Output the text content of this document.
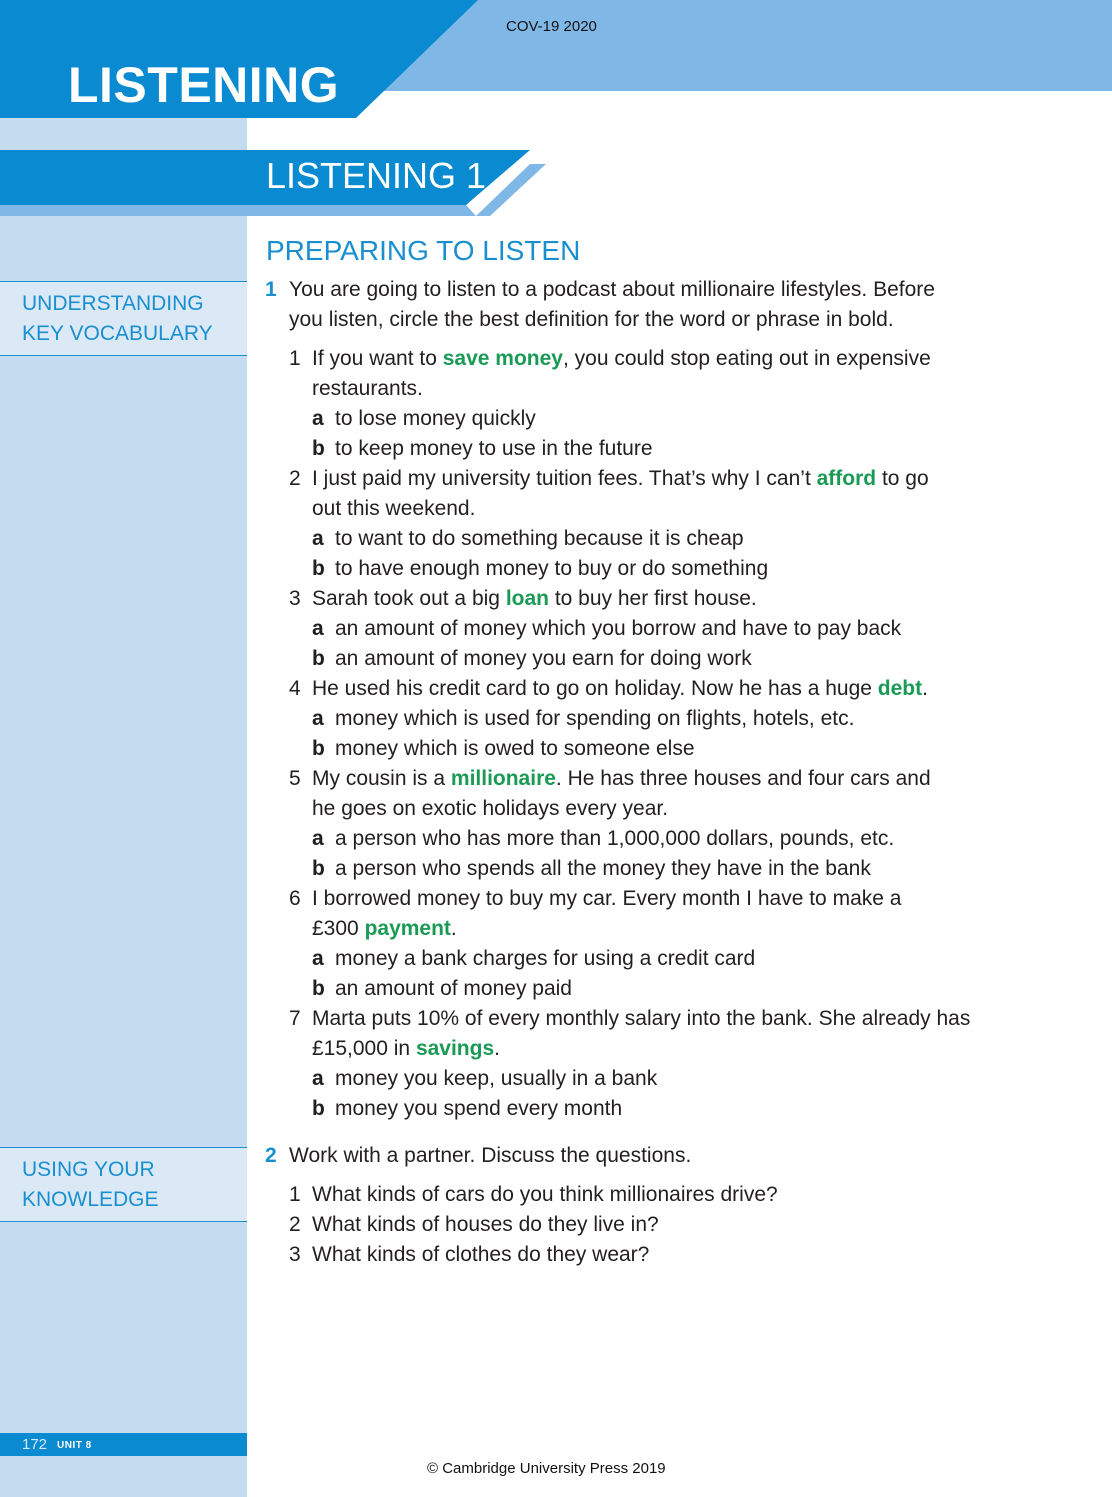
COV-19 2020
LISTENING
LISTENING 1
PREPARING TO LISTEN
UNDERSTANDING
KEY VOCABULARY
USING YOUR
KNOWLEDGE
1 You are going to listen to a podcast about millionaire lifestyles. Before
you listen, circle the best definition for the word or phrase in bold.
1 If you want to save money, you could stop eating out in expensive
restaurants.
a to lose money quickly
b to keep money to use in the future
2 I just paid my university tuition fees. That’s why I can’t afford to go
out this weekend.
a to want to do something because it is cheap
b to have enough money to buy or do something
3 Sarah took out a big loan to buy her first house.
a an amount of money which you borrow and have to pay back
b an amount of money you earn for doing work
4 He used his credit card to go on holiday. Now he has a huge debt.
a money which is used for spending on flights, hotels, etc.
b money which is owed to someone else
5 My cousin is a millionaire. He has three houses and four cars and
he goes on exotic holidays every year.
a a person who has more than 1,000,000 dollars, pounds, etc.
b a person who spends all the money they have in the bank
6 I borrowed money to buy my car. Every month I have to make a
£300 payment.
a money a bank charges for using a credit card
b an amount of money paid
7 Marta puts 10% of every monthly salary into the bank. She already has
£15,000 in savings.
a money you keep, usually in a bank
b money you spend every month
2 Work with a partner. Discuss the questions.
1 What kinds of cars do you think millionaires drive?
2 What kinds of houses do they live in?
3 What kinds of clothes do they wear?
172 UNIT 8
© Cambridge University Press 2019
